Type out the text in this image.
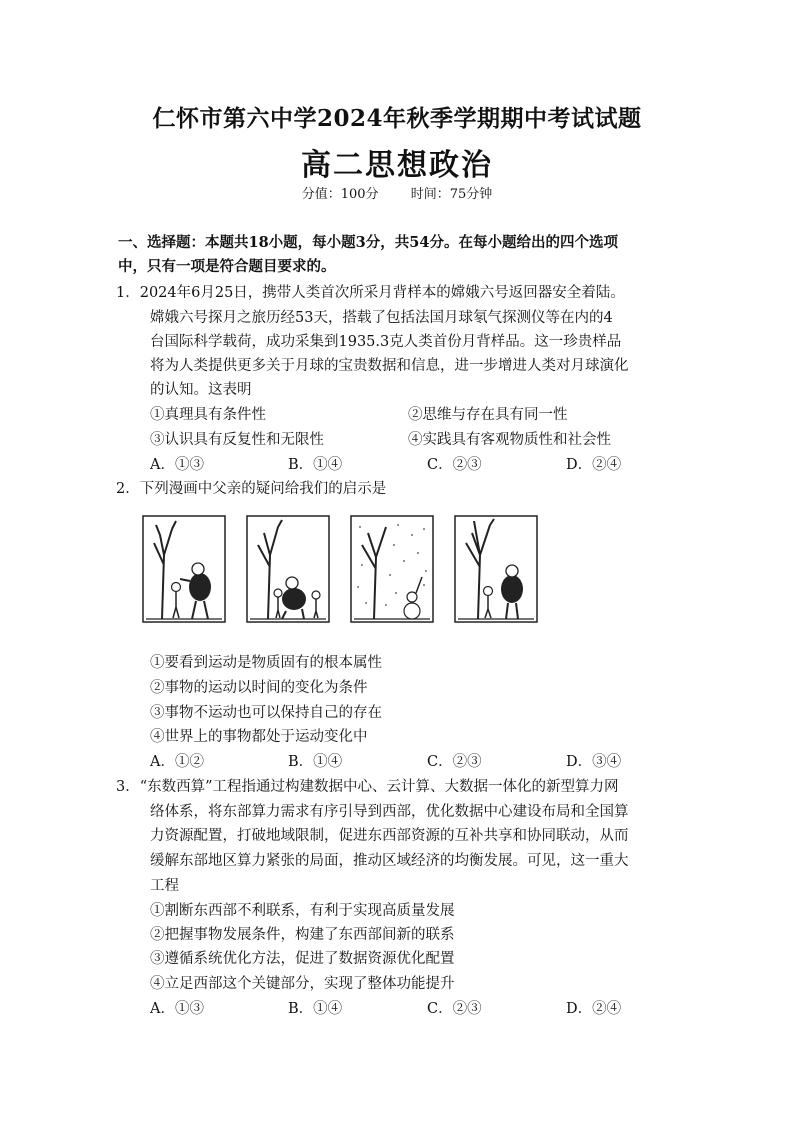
仁怀市第六中学2024年秋季学期期中考试试题
高二思想政治
分值：100分 时间：75分钟
一、选择题：本题共18小题，每小题3分，共54分。在每小题给出的四个选项
中，只有一项是符合题目要求的。
1．2024年6月25日，携带人类首次所采月背样本的嫦娥六号返回器安全着陆。
嫦娥六号探月之旅历经53天，搭载了包括法国月球氡气探测仪等在内的4
台国际科学载荷，成功采集到1935.3克人类首份月背样品。这一珍贵样品
将为人类提供更多关于月球的宝贵数据和信息，进一步增进人类对月球演化
的认知。这表明
①真理具有条件性	②思维与存在具有同一性
③认识具有反复性和无限性	④实践具有客观物质性和社会性
A．①③	B．①④	C．②③	D．②④
2．下列漫画中父亲的疑问给我们的启示是
①要看到运动是物质固有的根本属性
②事物的运动以时间的变化为条件
③事物不运动也可以保持自己的存在
④世界上的事物都处于运动变化中
A．①②	B．①④	C．②③	D．③④
3．“东数西算”工程指通过构建数据中心、云计算、大数据一体化的新型算力网
络体系，将东部算力需求有序引导到西部，优化数据中心建设布局和全国算
力资源配置，打破地域限制，促进东西部资源的互补共享和协同联动，从而
缓解东部地区算力紧张的局面，推动区域经济的均衡发展。可见，这一重大
工程
①割断东西部不利联系，有利于实现高质量发展
②把握事物发展条件，构建了东西部间新的联系
③遵循系统优化方法，促进了数据资源优化配置
④立足西部这个关键部分，实现了整体功能提升
A．①③	B．①④	C．②③	D．②④
